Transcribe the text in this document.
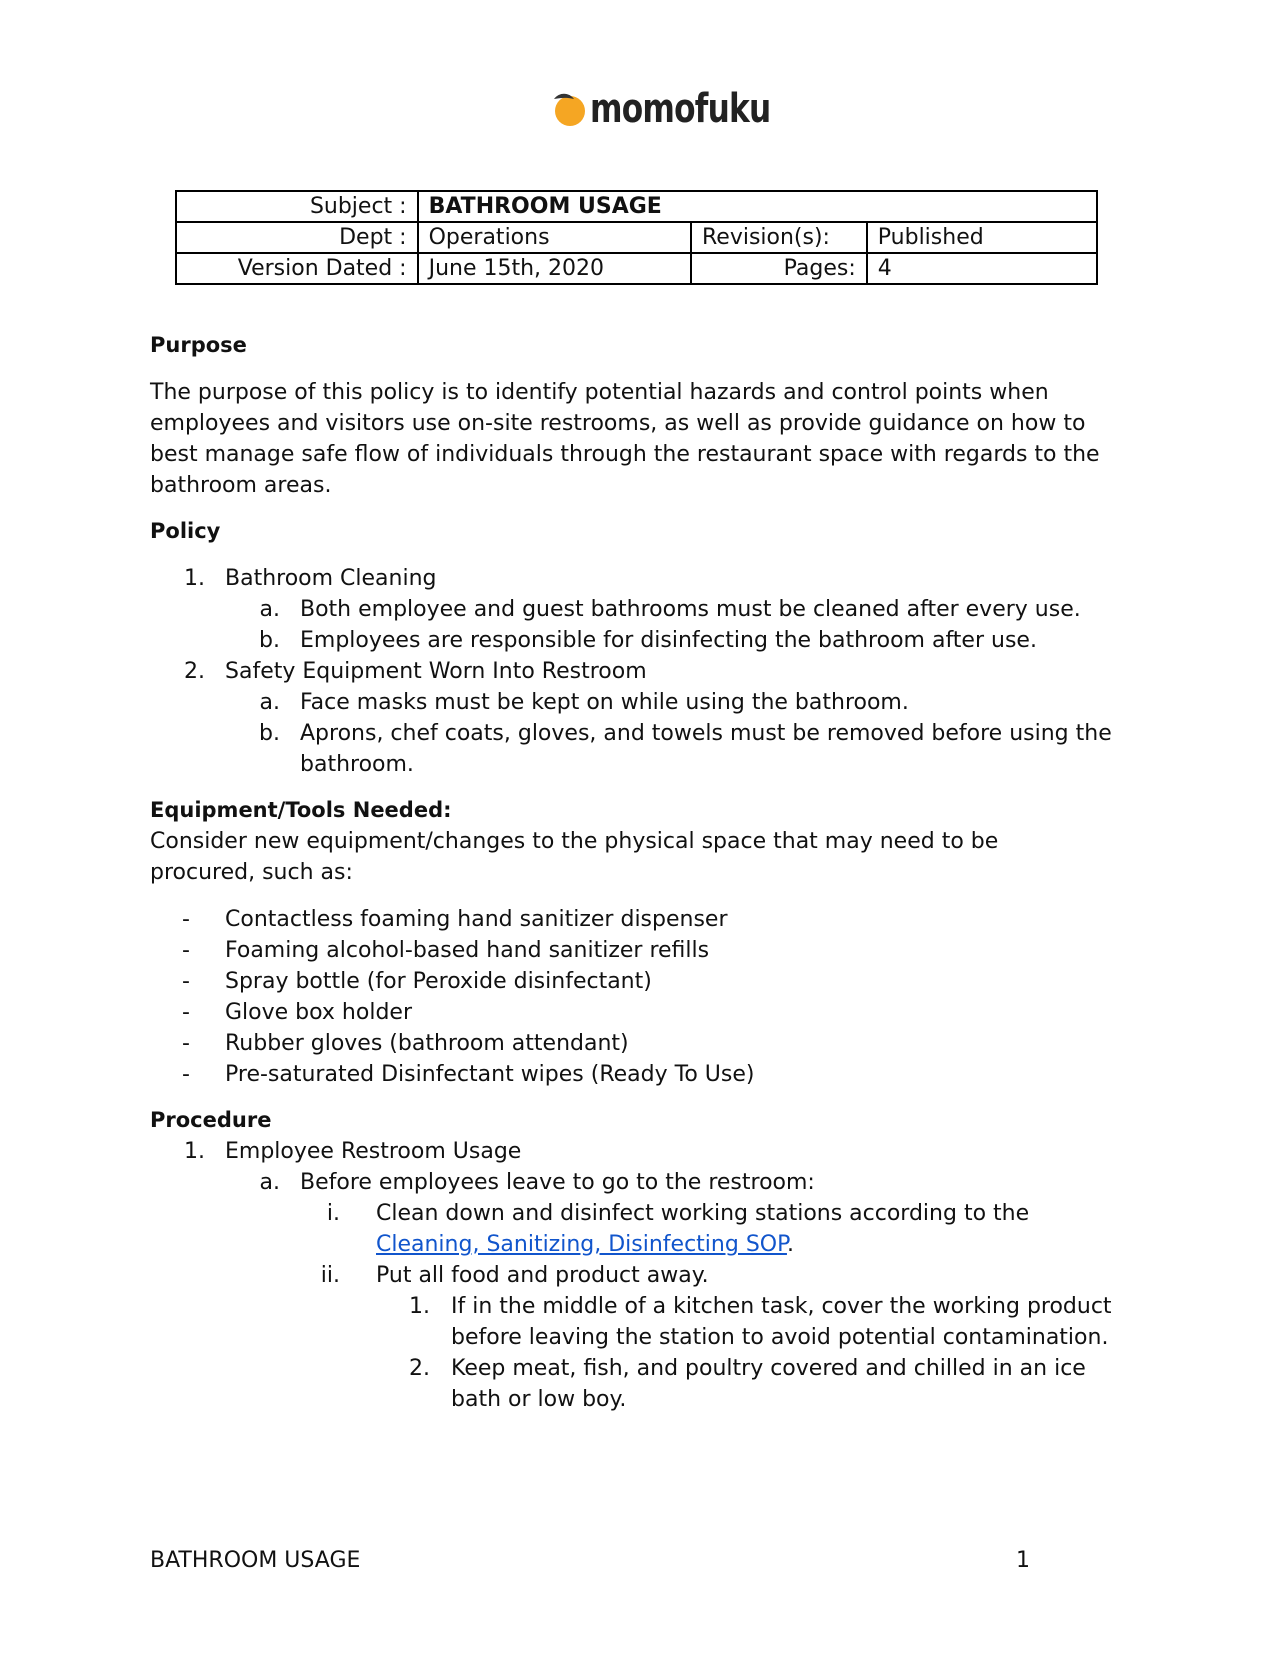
momofuku
Subject :	BATHROOM USAGE		
Dept :	Operations	Revision(s):	Published
Version Dated :	June 15th, 2020	Pages:	4

Purpose

The purpose of this policy is to identify potential hazards and control points when
employees and visitors use on-site restrooms, as well as provide guidance on how to
best manage safe flow of individuals through the restaurant space with regards to the
bathroom areas.

Policy

1. Bathroom Cleaning
a. Both employee and guest bathrooms must be cleaned after every use.
b. Employees are responsible for disinfecting the bathroom after use.
2. Safety Equipment Worn Into Restroom
a. Face masks must be kept on while using the bathroom.
b. Aprons, chef coats, gloves, and towels must be removed before using the
bathroom.

Equipment/Tools Needed:

Consider new equipment/changes to the physical space that may need to be
procured, such as:
- Contactless foaming hand sanitizer dispenser
- Foaming alcohol-based hand sanitizer refills
- Spray bottle (for Peroxide disinfectant)
- Glove box holder
- Rubber gloves (bathroom attendant)
- Pre-saturated Disinfectant wipes (Ready To Use)

Procedure

1. Employee Restroom Usage
a. Before employees leave to go to the restroom:
i. Clean down and disinfect working stations according to the
Cleaning, Sanitizing, Disinfecting SOP.
ii. Put all food and product away.
1. If in the middle of a kitchen task, cover the working product
before leaving the station to avoid potential contamination.
2. Keep meat, fish, and poultry covered and chilled in an ice
bath or low boy.
BATHROOM USAGE	1
